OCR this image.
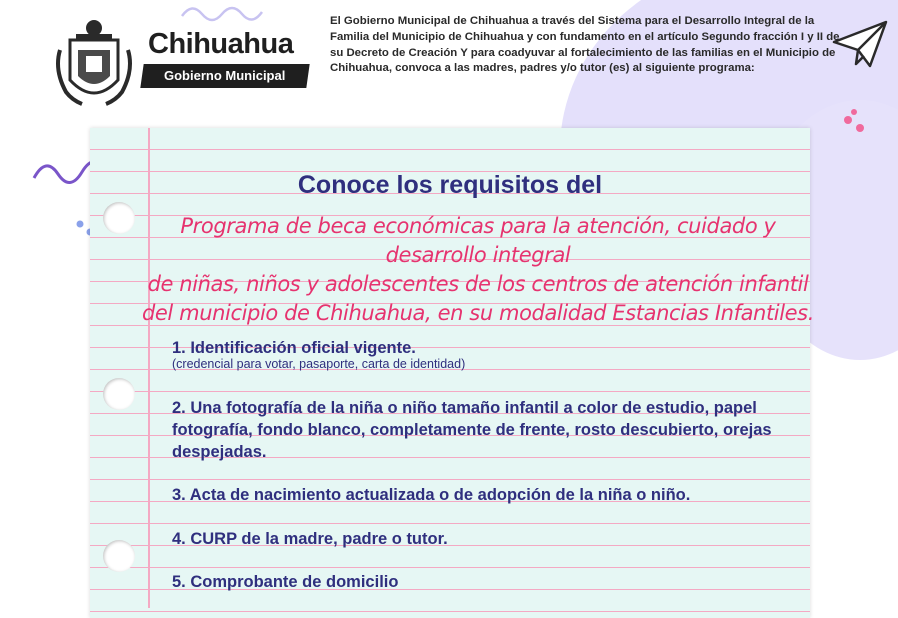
Chihuahua
Gobierno Municipal
El Gobierno Municipal de Chihuahua a través del Sistema para el Desarrollo Integral de la Familia del Municipio de Chihuahua y con fundamento en el artículo Segundo fracción I y II de su Decreto de Creación Y para coadyuvar al fortalecimiento de las familias en el Municipio de Chihuahua, convoca a las madres, padres y/o tutor (es) al siguiente programa:
Conoce los requisitos del
Programa de beca económicas para la atención, cuidado y desarrollo integral
de niñas, niños y adolescentes de los centros de atención infantil
del municipio de Chihuahua, en su modalidad Estancias Infantiles.
1. Identificación oficial vigente.
(credencial para votar, pasaporte, carta de identidad)
2. Una fotografía de la niña o niño tamaño infantil a color de estudio, papel fotografía, fondo blanco, completamente de frente, rosto descubierto, orejas despejadas.
3. Acta de nacimiento actualizada o de adopción de la niña o niño.
4. CURP de la madre, padre o tutor.
5. Comprobante de domicilio
